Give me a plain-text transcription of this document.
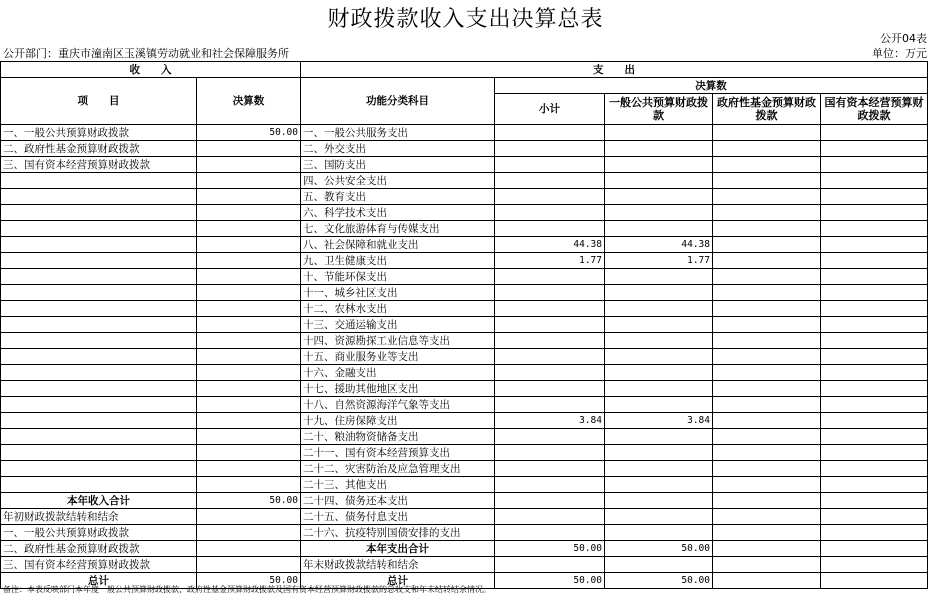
财政拨款收入支出决算总表
公开04表
公开部门：重庆市潼南区玉溪镇劳动就业和社会保障服务所	单位：万元
收　　入		支　　出				
项　　目	决算数	功能分类科目	决算数			
			小计	一般公共预算财政拨款	政府性基金预算财政拨款	国有资本经营预算财政拨款
一、一般公共预算财政拨款	50.00	一、一般公共服务支出				
二、政府性基金预算财政拨款		二、外交支出				
三、国有资本经营预算财政拨款		三、国防支出				
		四、公共安全支出				
		五、教育支出				
		六、科学技术支出				
		七、文化旅游体育与传媒支出				
		八、社会保障和就业支出	44.38	44.38		
		九、卫生健康支出	1.77	1.77		
		十、节能环保支出				
		十一、城乡社区支出				
		十二、农林水支出				
		十三、交通运输支出				
		十四、资源勘探工业信息等支出				
		十五、商业服务业等支出				
		十六、金融支出				
		十七、援助其他地区支出				
		十八、自然资源海洋气象等支出				
		十九、住房保障支出	3.84	3.84		
		二十、粮油物资储备支出				
		二十一、国有资本经营预算支出				
		二十二、灾害防治及应急管理支出				
		二十三、其他支出				
本年收入合计	50.00	二十四、债务还本支出				
年初财政拨款结转和结余		二十五、债务付息支出				
一、一般公共预算财政拨款		二十六、抗疫特别国债安排的支出				
二、政府性基金预算财政拨款		本年支出合计	50.00	50.00		
三、国有资本经营预算财政拨款		年末财政拨款结转和结余				
总计	50.00	总计	50.00	50.00		
备注：本表反映部门本年度一般公共预算财政拨款、政府性基金预算财政拨款及国有资本经营预算财政拨款的总收支和年末结转结余情况。
